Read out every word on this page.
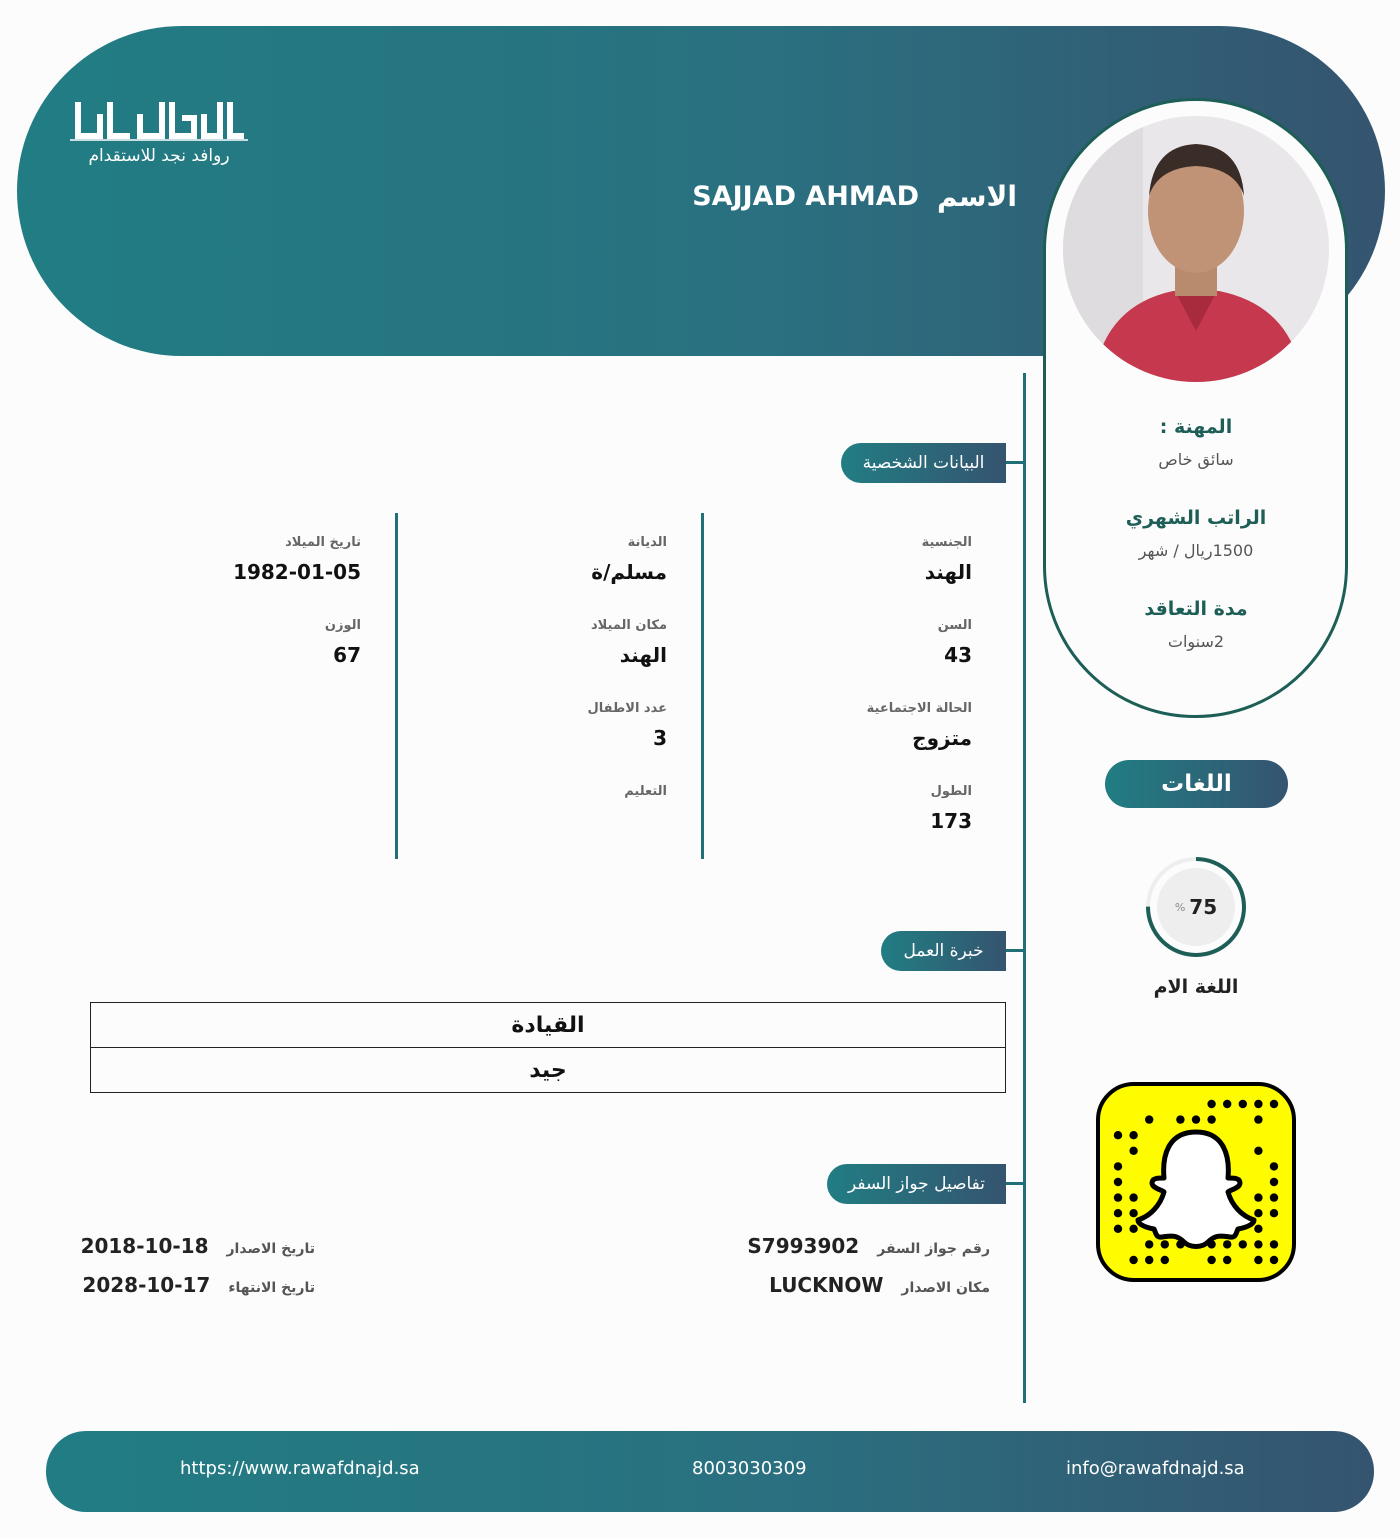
روافد نجد للاستقدام
الاسم
SAJJAD AHMAD
المهنة :
سائق خاص
الراتب الشهري
1500ريال / شهر
مدة التعاقد
2سنوات
البيانات الشخصية
الجنسية
الهند
السن
43
الحالة الاجتماعية
متزوج
الطول
173
الديانة
مسلم/ة
مكان الميلاد
الهند
عدد الاطفال
3
التعليم
تاريخ الميلاد
1982-01-05
الوزن
67
خبرة العمل
القيادة
جيد
تفاصيل جواز السفر
رقم جواز السفر
S7993902
مكان الاصدار
LUCKNOW
تاريخ الاصدار
2018-10-18
تاريخ الانتهاء
2028-10-17
اللغات
% 75
اللغة الام
https://www.rawafdnajd.sa	8003030309	info@rawafdnajd.sa
